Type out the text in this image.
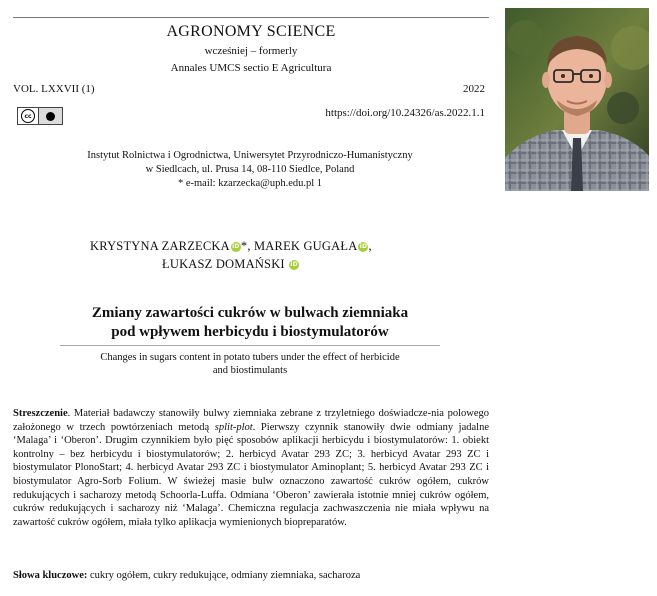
AGRONOMY SCIENCE
wcześniej – formerly
Annales UMCS sectio E Agricultura
VOL. LXXVII (1)	2022
cc	https://doi.org/10.24326/as.2022.1.1
Instytut Rolnictwa i Ogrodnictwa, Uniwersytet Przyrodniczo-Humanistyczny
w Siedlcach, ul. Prusa 14, 08-110 Siedlce, Poland
* e-mail: kzarzecka@uph.edu.pl 1
KRYSTYNA ZARZECKA iD*, MAREK GUGAŁA iD,
ŁUKASZ DOMAŃSKI iD
Zmiany zawartości cukrów w bulwach ziemniaka
pod wpływem herbicydu i biostymulatorów
Changes in sugars content in potato tubers under the effect of herbicide
and biostimulants
Streszczenie. Materiał badawczy stanowiły bulwy ziemniaka zebrane z trzyletniego doświadcze-nia polowego założonego w trzech powtórzeniach metodą split-plot. Pierwszy czynnik stanowiły dwie odmiany jadalne ‘Malaga’ i ‘Oberon’. Drugim czynnikiem było pięć sposobów aplikacji herbicydu i biostymulatorów: 1. obiekt kontrolny – bez herbicydu i biostymulatorów; 2. herbicyd Avatar 293 ZC; 3. herbicyd Avatar 293 ZC i biostymulator PlonoStart; 4. herbicyd Avatar 293 ZC i biostymulator Aminoplant; 5. herbicyd Avatar 293 ZC i biostymulator Agro-Sorb Folium. W świeżej masie bulw oznaczono zawartość cukrów ogółem, cukrów redukujących i sacharozy metodą Schoorla-Luffa. Odmiana ‘Oberon’ zawierała istotnie mniej cukrów ogółem, cukrów redukujących i sacharozy niż ‘Malaga’. Chemiczna regulacja zachwaszczenia nie miała wpływu na zawartość cukrów ogółem, miała tylko aplikacja wymienionych biopreparatów.
Słowa kluczowe: cukry ogółem, cukry redukujące, odmiany ziemniaka, sacharoza
